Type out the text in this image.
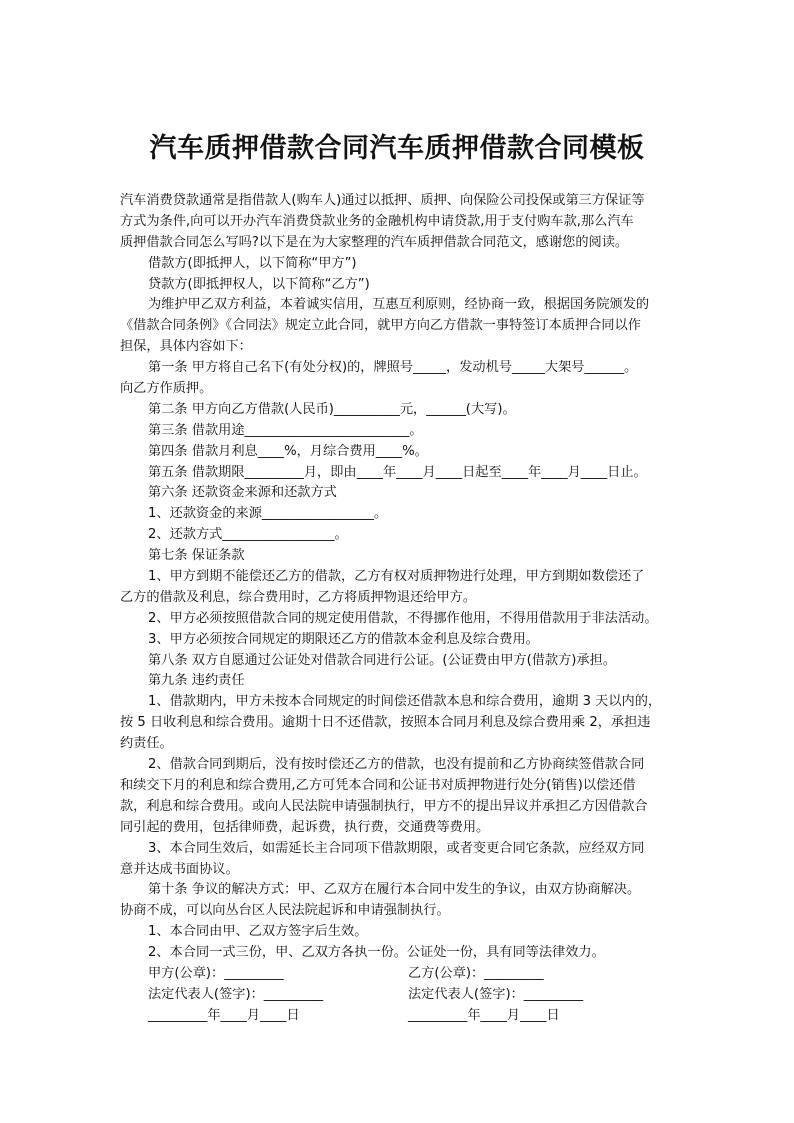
汽车质押借款合同汽车质押借款合同模板
汽车消费贷款通常是指借款人(购车人)通过以抵押、质押、向保险公司投保或第三方保证等
方式为条件,向可以开办汽车消费贷款业务的金融机构申请贷款,用于支付购车款,那么汽车
质押借款合同怎么写吗?以下是在为大家整理的汽车质押借款合同范文，感谢您的阅读。
借款方(即抵押人，以下简称“甲方”)
贷款方(即抵押权人，以下简称“乙方”)
为维护甲乙双方利益，本着诚实信用，互惠互利原则，经协商一致，根据国务院颁发的
《借款合同条例》《合同法》规定立此合同，就甲方向乙方借款一事特签订本质押合同以作
担保，具体内容如下：
第一条 甲方将自己名下(有处分权)的，牌照号_____，发动机号_____大架号______。
向乙方作质押。
第二条 甲方向乙方借款(人民币)__________元，______(大写)。
第三条 借款用途_________________________。
第四条 借款月利息____%，月综合费用____%。
第五条 借款期限_________月，即由____年____月____日起至____年____月____日止。
第六条 还款资金来源和还款方式
1、还款资金的来源_________________。
2、还款方式_________________。
第七条 保证条款
1、甲方到期不能偿还乙方的借款，乙方有权对质押物进行处理，甲方到期如数偿还了
乙方的借款及利息，综合费用时，乙方将质押物退还给甲方。
2、甲方必须按照借款合同的规定使用借款，不得挪作他用，不得用借款用于非法活动。
3、甲方必须按合同规定的期限还乙方的借款本金利息及综合费用。
第八条 双方自愿通过公证处对借款合同进行公证。(公证费由甲方(借款方)承担。
第九条 违约责任
1、借款期内，甲方未按本合同规定的时间偿还借款本息和综合费用，逾期 3 天以内的，
按 5 日收利息和综合费用。逾期十日不还借款，按照本合同月利息及综合费用乘 2，承担违
约责任。
2、借款合同到期后，没有按时偿还乙方的借款，也没有提前和乙方协商续签借款合同
和续交下月的利息和综合费用,乙方可凭本合同和公证书对质押物进行处分(销售)以偿还借
款，利息和综合费用。或向人民法院申请强制执行，甲方不的提出异议并承担乙方因借款合
同引起的费用，包括律师费，起诉费，执行费，交通费等费用。
3、本合同生效后，如需延长主合同项下借款期限，或者变更合同它条款，应经双方同
意并达成书面协议。
第十条 争议的解决方式：甲、乙双方在履行本合同中发生的争议，由双方协商解决。
协商不成，可以向丛台区人民法院起诉和申请强制执行。
1、本合同由甲、乙双方签字后生效。
2、本合同一式三份，甲、乙双方各执一份。公证处一份，具有同等法律效力。
甲方(公章)：_________	乙方(公章)：_________
法定代表人(签字)：_________	法定代表人(签字)：_________
_________年____月____日	_________年____月____日
